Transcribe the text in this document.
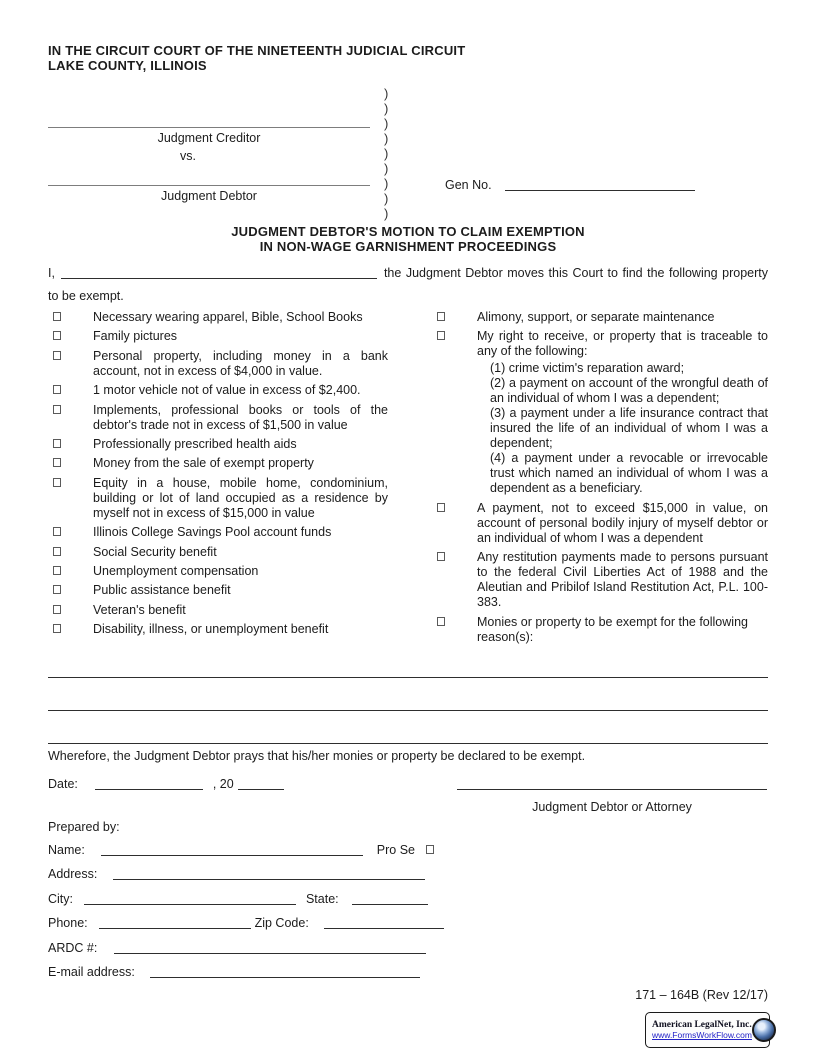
IN THE CIRCUIT COURT OF THE NINETEENTH JUDICIAL CIRCUIT
LAKE COUNTY, ILLINOIS
)
)
)
)
)
)
)
)
)
Judgment Creditor
vs.
Judgment Debtor
Gen No.
JUDGMENT DEBTOR'S MOTION TO CLAIM EXEMPTION
IN NON-WAGE GARNISHMENT PROCEEDINGS
I,	the Judgment Debtor moves this Court to find the following property to be exempt.
Necessary wearing apparel, Bible, School Books
Family pictures
Personal property, including money in a bank account, not in excess of $4,000 in value.
1 motor vehicle not of value in excess of $2,400.
Implements, professional books or tools of the debtor's trade not in excess of $1,500 in value
Professionally prescribed health aids
Money from the sale of exempt property
Equity in a house, mobile home, condominium, building or lot of land occupied as a residence by myself not in excess of $15,000 in value
Illinois College Savings Pool account funds
Social Security benefit
Unemployment compensation
Public assistance benefit
Veteran's benefit
Disability, illness, or unemployment benefit
Alimony, support, or separate maintenance
My right to receive, or property that is traceable to any of the following:
(1) crime victim's reparation award;
(2) a payment on account of the wrongful death of an individual of whom I was a dependent;
(3) a payment under a life insurance contract that insured the life of an individual of whom I was a dependent;
(4) a payment under a revocable or irrevocable trust which named an individual of whom I was a dependent as a beneficiary.
A payment, not to exceed $15,000 in value, on account of personal bodily injury of myself debtor or an individual of whom I was a dependent
Any restitution payments made to persons pursuant to the federal Civil Liberties Act of 1988 and the Aleutian and Pribilof Island Restitution Act, P.L. 100-383.
Monies or property to be exempt for the following reason(s):
Wherefore, the Judgment Debtor prays that his/her monies or property be declared to be exempt.
Date:	, 20
Judgment Debtor or Attorney
Prepared by:
Name:	Pro Se
Address:
City:	State:
Phone:	Zip Code:
ARDC #:
E-mail address:
171 – 164B (Rev 12/17)
American LegalNet, Inc.
www.FormsWorkFlow.com
